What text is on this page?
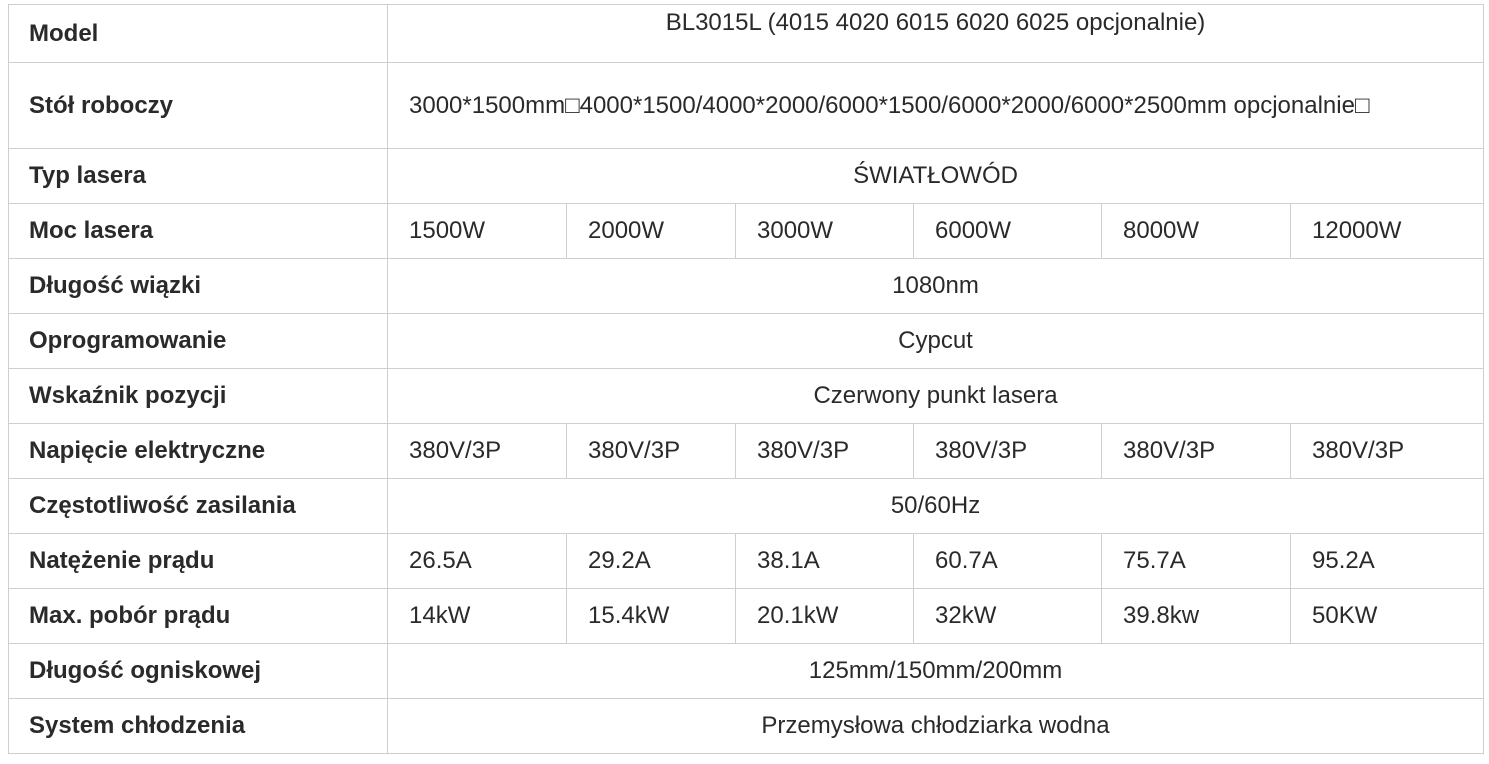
Model	BL3015L (4015 4020 6015 6020 6025 opcjonalnie)					
Stół roboczy	3000*1500mm□4000*1500/4000*2000/6000*1500/6000*2000/6000*2500mm opcjonalnie□					
Typ lasera	ŚWIATŁOWÓD					
Moc lasera	1500W	2000W	3000W	6000W	8000W	12000W
Długość wiązki	1080nm					
Oprogramowanie	Cypcut					
Wskaźnik pozycji	Czerwony punkt lasera					
Napięcie elektryczne	380V/3P	380V/3P	380V/3P	380V/3P	380V/3P	380V/3P
Częstotliwość zasilania	50/60Hz					
Natężenie prądu	26.5A	29.2A	38.1A	60.7A	75.7A	95.2A
Max. pobór prądu	14kW	15.4kW	20.1kW	32kW	39.8kw	50KW
Długość ogniskowej	125mm/150mm/200mm					
System chłodzenia	Przemysłowa chłodziarka wodna					
